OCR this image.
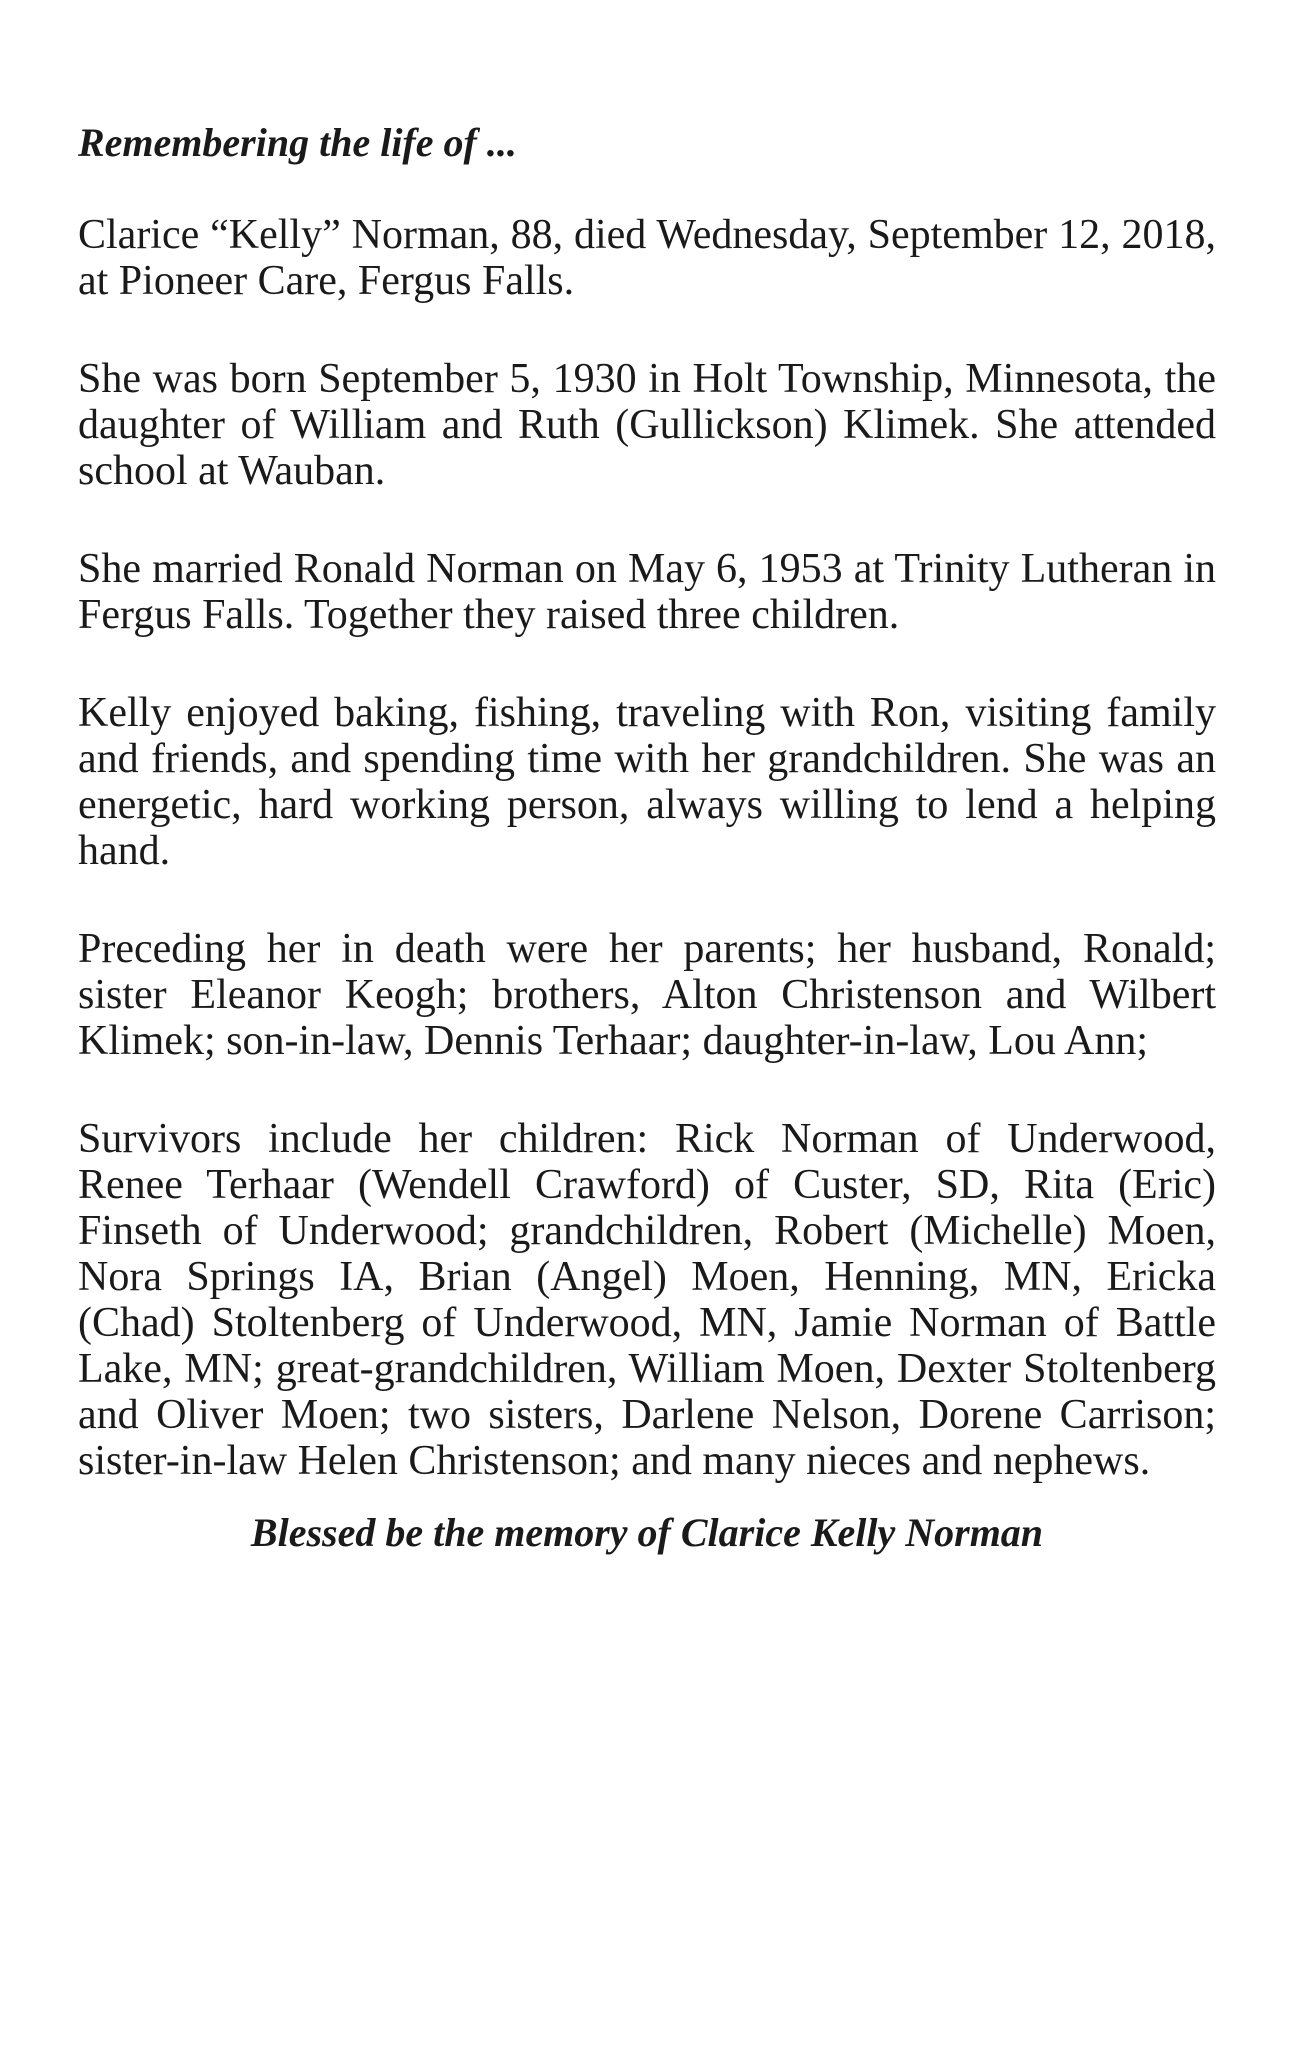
Remembering the life of ...

Clarice “Kelly” Norman, 88, died Wednesday, September 12, 2018, at Pioneer Care, Fergus Falls.

She was born September 5, 1930 in Holt Township, Minnesota, the daughter of William and Ruth (Gullickson) Klimek. She attended school at Wauban.

She married Ronald Norman on May 6, 1953 at Trinity Lutheran in Fergus Falls. Together they raised three children.

Kelly enjoyed baking, fishing, traveling with Ron, visiting family and friends, and spending time with her grandchildren. She was an energetic, hard working person, always willing to lend a helping hand.

Preceding her in death were her parents; her husband, Ronald; sister Eleanor Keogh; brothers, Alton Christenson and Wilbert Klimek; son-in-law, Dennis Terhaar; daughter-in-law, Lou Ann;

Survivors include her children: Rick Norman of Underwood, Renee Terhaar (Wendell Crawford) of Custer, SD, Rita (Eric) Finseth of Underwood; grandchildren, Robert (Michelle) Moen, Nora Springs IA, Brian (Angel) Moen, Henning, MN, Ericka (Chad) Stoltenberg of Underwood, MN, Jamie Norman of Battle Lake, MN; great-grandchildren, William Moen, Dexter Stoltenberg and Oliver Moen; two sisters, Darlene Nelson, Dorene Carrison; sister-in-law Helen Christenson; and many nieces and nephews.

Blessed be the memory of Clarice Kelly Norman
